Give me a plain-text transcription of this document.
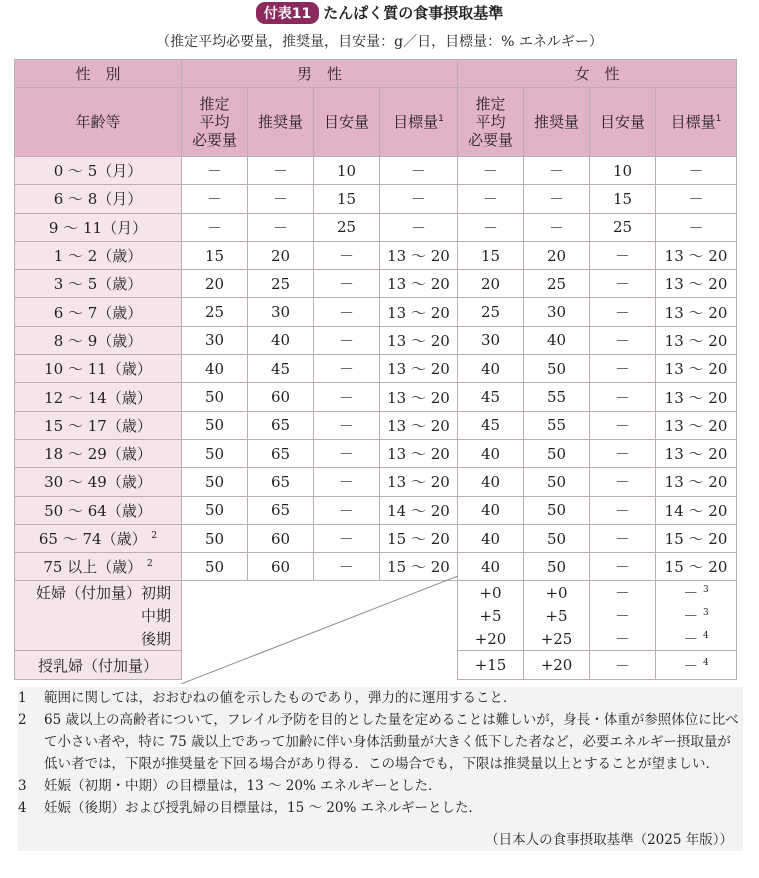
付表11 たんぱく質の食事摂取基準
（推定平均必要量，推奨量，目安量：g／日，目標量：% エネルギー）
性　別	男　性				女　性			
年齢等	推定
平均
必要量	推奨量	目安量	目標量$^1$	推定
平均
必要量	推奨量	目安量	目標量$^1$
0 ～ 5（月）	－	－	10	－	－	－	10	－
6 ～ 8（月）	－	－	15	－	－	－	15	－
9 ～ 11（月）	－	－	25	－	－	－	25	－
1 ～ 2（歳）	15	20	－	13 ～ 20	15	20	－	13 ～ 20
3 ～ 5（歳）	20	25	－	13 ～ 20	20	25	－	13 ～ 20
6 ～ 7（歳）	25	30	－	13 ～ 20	25	30	－	13 ～ 20
8 ～ 9（歳）	30	40	－	13 ～ 20	30	40	－	13 ～ 20
10 ～ 11（歳）	40	45	－	13 ～ 20	40	50	－	13 ～ 20
12 ～ 14（歳）	50	60	－	13 ～ 20	45	55	－	13 ～ 20
15 ～ 17（歳）	50	65	－	13 ～ 20	45	55	－	13 ～ 20
18 ～ 29（歳）	50	65	－	13 ～ 20	40	50	－	13 ～ 20
30 ～ 49（歳）	50	65	－	13 ～ 20	40	50	－	13 ～ 20
50 ～ 64（歳）	50	65	－	14 ～ 20	40	50	－	14 ～ 20
65 ～ 74（歳） $^2$	50	60	－	15 ～ 20	40	50	－	15 ～ 20
75 以上（歳） $^2$	50	60	－	15 ～ 20	40	50	－	15 ～ 20
妊婦（付加量）初期					+0	+0	－	－ $^3$
中期					+5	+5	－	－ $^3$
後期					+20	+25	－	－ $^4$
授乳婦（付加量）					+15	+20	－	－ $^4$
1	範囲に関しては，おおむねの値を示したものであり，弾力的に運用すること．
2	65 歳以上の高齢者について，フレイル予防を目的とした量を定めることは難しいが，身長・体重が参照体位に比べて小さい者や，特に 75 歳以上であって加齢に伴い身体活動量が大きく低下した者など，必要エネルギー摂取量が低い者では，下限が推奨量を下回る場合があり得る．この場合でも，下限は推奨量以上とすることが望ましい．
3	妊娠（初期・中期）の目標量は，13 ～ 20% エネルギーとした．
4	妊娠（後期）および授乳婦の目標量は，15 ～ 20% エネルギーとした．
（日本人の食事摂取基準（2025 年版））
